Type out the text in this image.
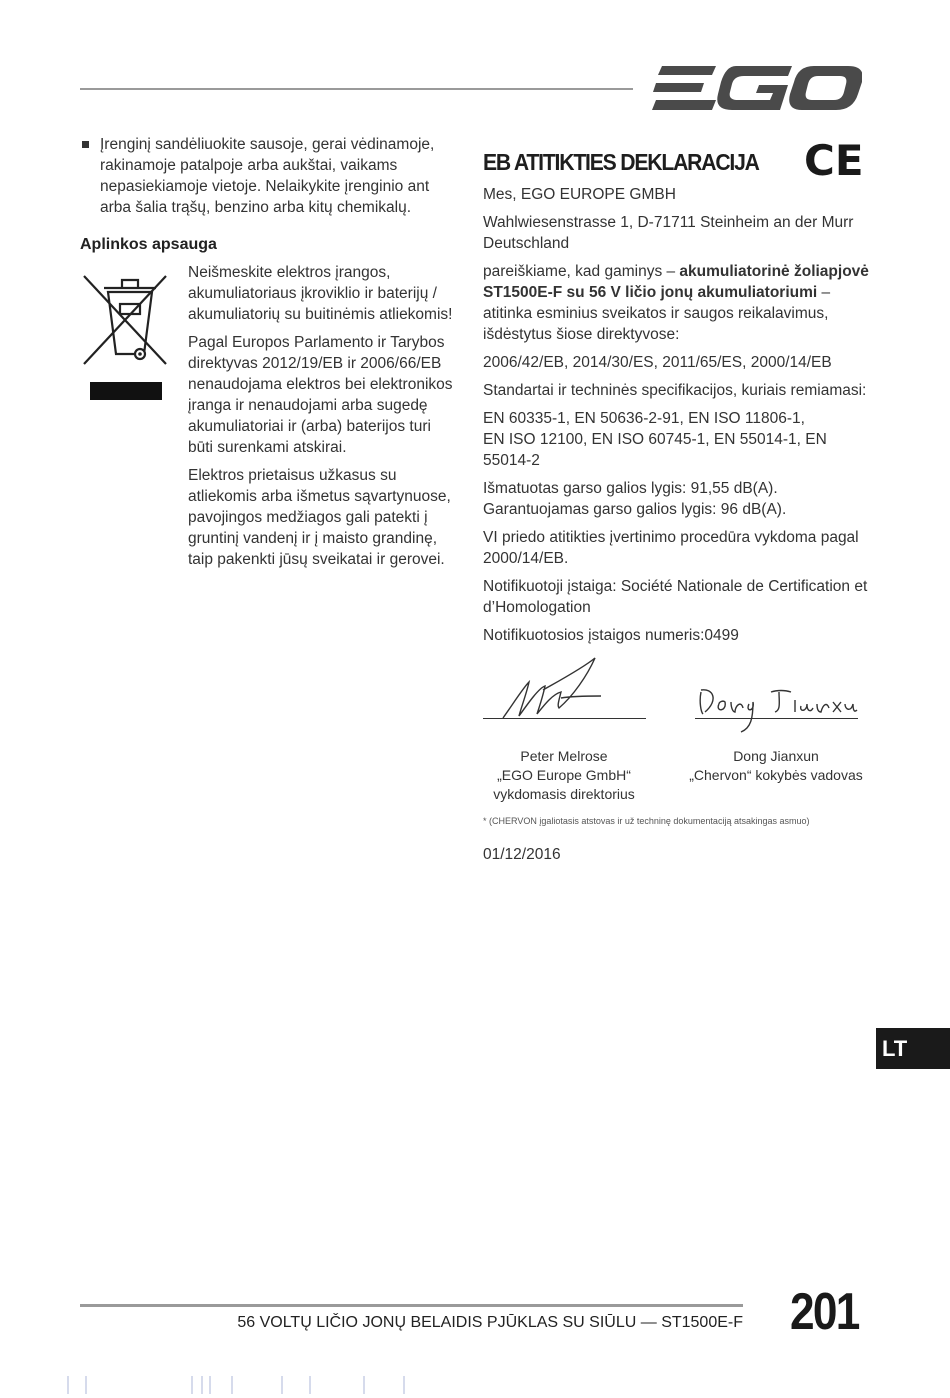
Įrenginį sandėliuokite sausoje, gerai vėdinamoje, rakinamoje patalpoje arba aukštai, vaikams nepasiekiamoje vietoje. Nelaikykite įrenginio ant arba šalia trąšų, benzino arba kitų chemikalų.
Aplinkos apsauga

Neišmeskite elektros įrangos, akumuliatoriaus įkroviklio ir baterijų / akumuliatorių su buitinėmis atliekomis!

Pagal Europos Parlamento ir Tarybos direktyvas 2012/19/EB ir 2006/66/EB nenaudojama elektros bei elektronikos įranga ir nenaudojami arba sugedę akumuliatoriai ir (arba) baterijos turi būti surenkami atskirai.

Elektros prietaisus užkasus su atliekomis arba išmetus sąvartynuose, pavojingos medžiagos gali patekti į gruntinį vandenį ir į maisto grandinę, taip pakenkti jūsų sveikatai ir gerovei.

CE
EB ATITIKTIES DEKLARACIJA

Mes, EGO EUROPE GMBH

Wahlwiesenstrasse 1, D-71711 Steinheim an der Murr Deutschland

pareiškiame, kad gaminys – akumuliatorinė žoliapjovė ST1500E-F su 56 V ličio jonų akumuliatoriumi – atitinka esminius sveikatos ir saugos reikalavimus, išdėstytus šiose direktyvose:

2006/42/EB, 2014/30/ES, 2011/65/ES, 2000/14/EB

Standartai ir techninės specifikacijos, kuriais remiamasi:

EN 60335-1, EN 50636-2-91, EN ISO 11806-1,
EN ISO 12100, EN ISO 60745-1, EN 55014-1, EN 55014-2

Išmatuotas garso galios lygis: 91,55 dB(A).
Garantuojamas garso galios lygis: 96 dB(A).

VI priedo atitikties įvertinimo procedūra vykdoma pagal 2000/14/EB.

Notifikuotoji įstaiga: Société Nationale de Certification et d’Homologation

Notifikuotosios įstaigos numeris:0499

Peter Melrose
„EGO Europe GmbH“
vykdomasis direktorius
Dong Jianxun
„Chervon“ kokybės vadovas
* (CHERVON įgaliotasis atstovas ir už techninę dokumentaciją atsakingas asmuo)
01/12/2016
LT
56 VOLTŲ LIČIO JONŲ BELAIDIS PJŪKLAS SU SIŪLU — ST1500E-F 201
